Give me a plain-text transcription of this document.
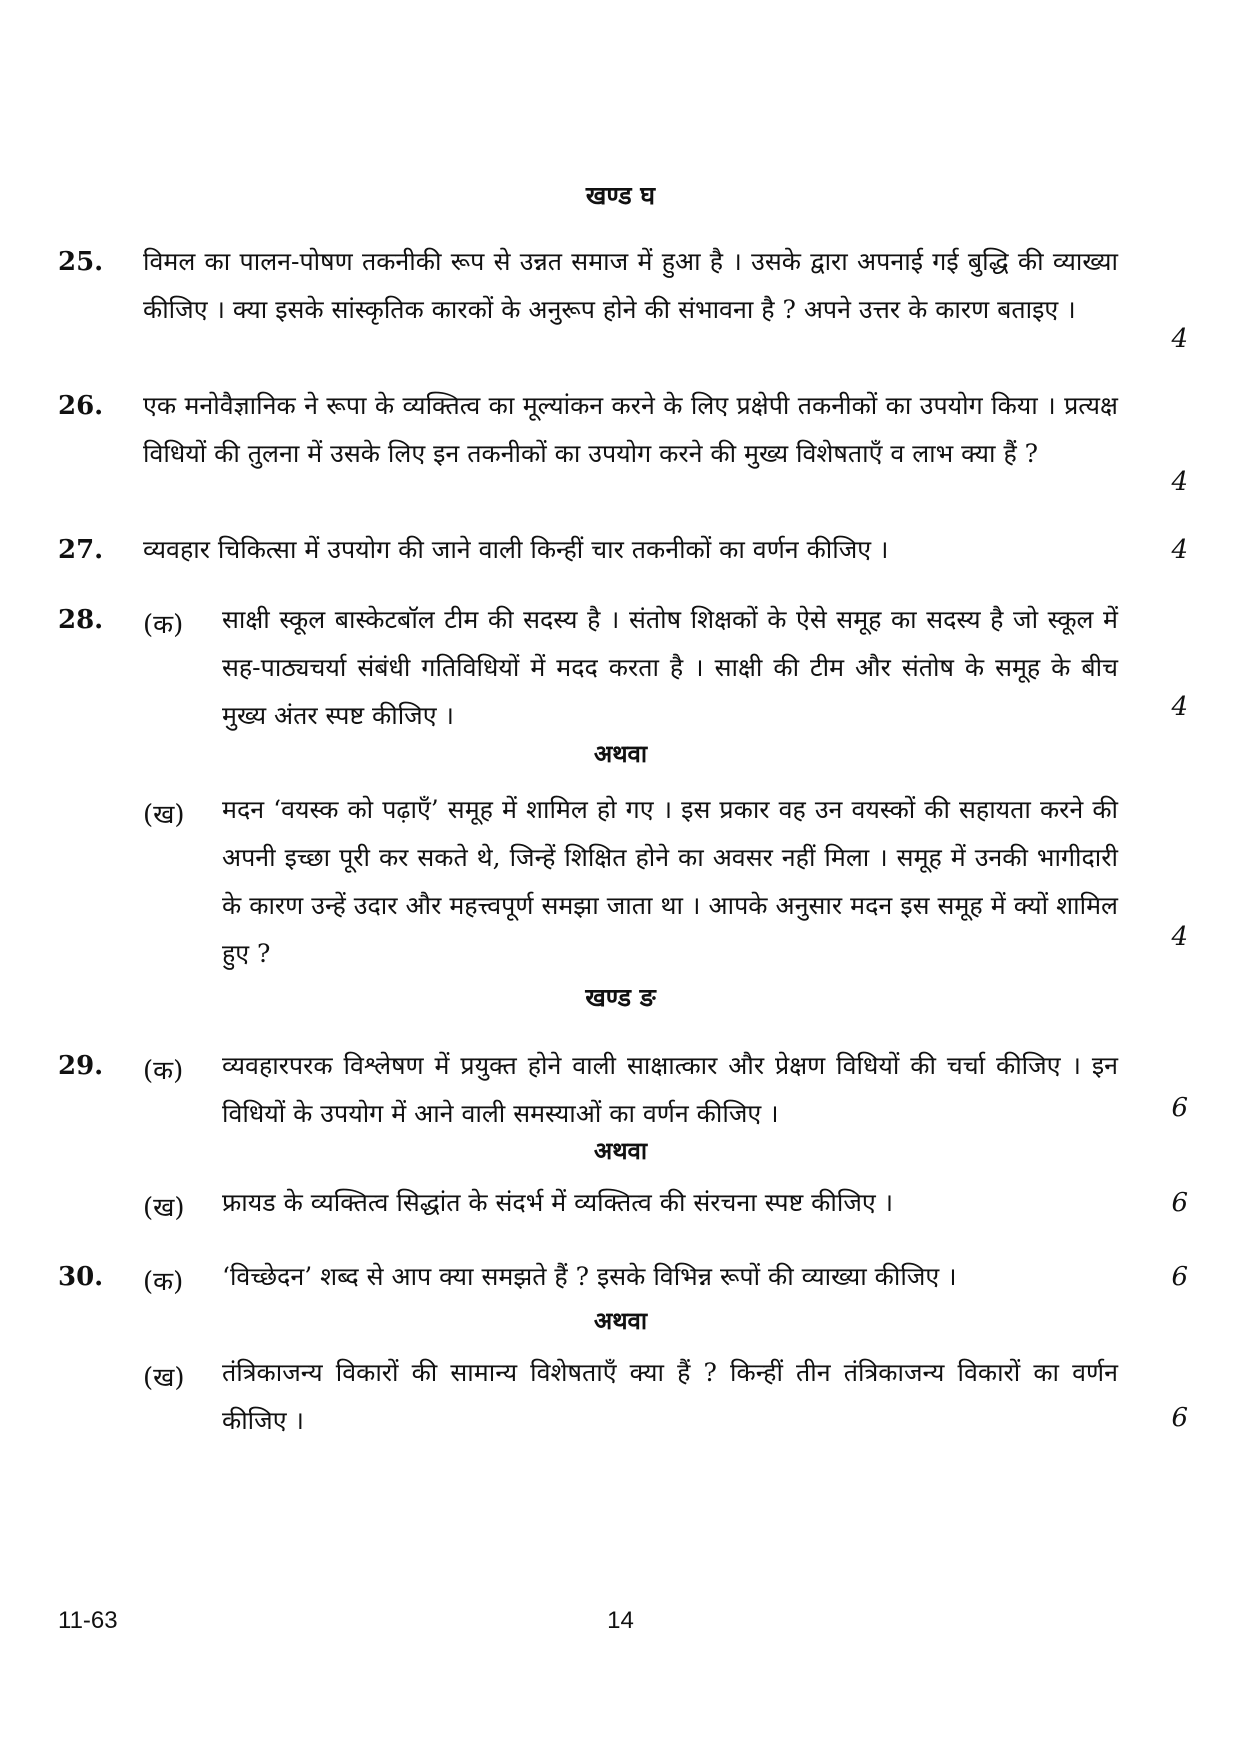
खण्ड घ
25. विमल का पालन-पोषण तकनीकी रूप से उन्नत समाज में हुआ है । उसके द्वारा अपनाई गई बुद्धि की व्याख्या कीजिए । क्या इसके सांस्कृतिक कारकों के अनुरूप होने की संभावना है ? अपने उत्तर के कारण बताइए ।
4
26. एक मनोवैज्ञानिक ने रूपा के व्यक्तित्व का मूल्यांकन करने के लिए प्रक्षेपी तकनीकों का उपयोग किया । प्रत्यक्ष विधियों की तुलना में उसके लिए इन तकनीकों का उपयोग करने की मुख्य विशेषताएँ व लाभ क्या हैं ?
4
27. व्यवहार चिकित्सा में उपयोग की जाने वाली किन्हीं चार तकनीकों का वर्णन कीजिए ।	4
28. (क) साक्षी स्कूल बास्केटबॉल टीम की सदस्य है । संतोष शिक्षकों के ऐसे समूह का सदस्य है जो स्कूल में सह-पाठ्यचर्या संबंधी गतिविधियों में मदद करता है । साक्षी की टीम और संतोष के समूह के बीच मुख्य अंतर स्पष्ट कीजिए ।	4
अथवा
(ख) मदन ‘वयस्क को पढ़ाएँ’ समूह में शामिल हो गए । इस प्रकार वह उन वयस्कों की सहायता करने की अपनी इच्छा पूरी कर सकते थे, जिन्हें शिक्षित होने का अवसर नहीं मिला । समूह में उनकी भागीदारी के कारण उन्हें उदार और महत्त्वपूर्ण समझा जाता था । आपके अनुसार मदन इस समूह में क्यों शामिल हुए ?
4
खण्ड ङ
29. (क) व्यवहारपरक विश्लेषण में प्रयुक्त होने वाली साक्षात्कार और प्रेक्षण विधियों की चर्चा कीजिए । इन विधियों के उपयोग में आने वाली समस्याओं का वर्णन कीजिए ।	6
अथवा
(ख) फ्रायड के व्यक्तित्व सिद्धांत के संदर्भ में व्यक्तित्व की संरचना स्पष्ट कीजिए ।	6
30. (क) ‘विच्छेदन’ शब्द से आप क्या समझते हैं ? इसके विभिन्न रूपों की व्याख्या कीजिए ।	6
अथवा
(ख) तंत्रिकाजन्य विकारों की सामान्य विशेषताएँ क्या हैं ? किन्हीं तीन तंत्रिकाजन्य विकारों का वर्णन कीजिए ।	6
11-63	14
